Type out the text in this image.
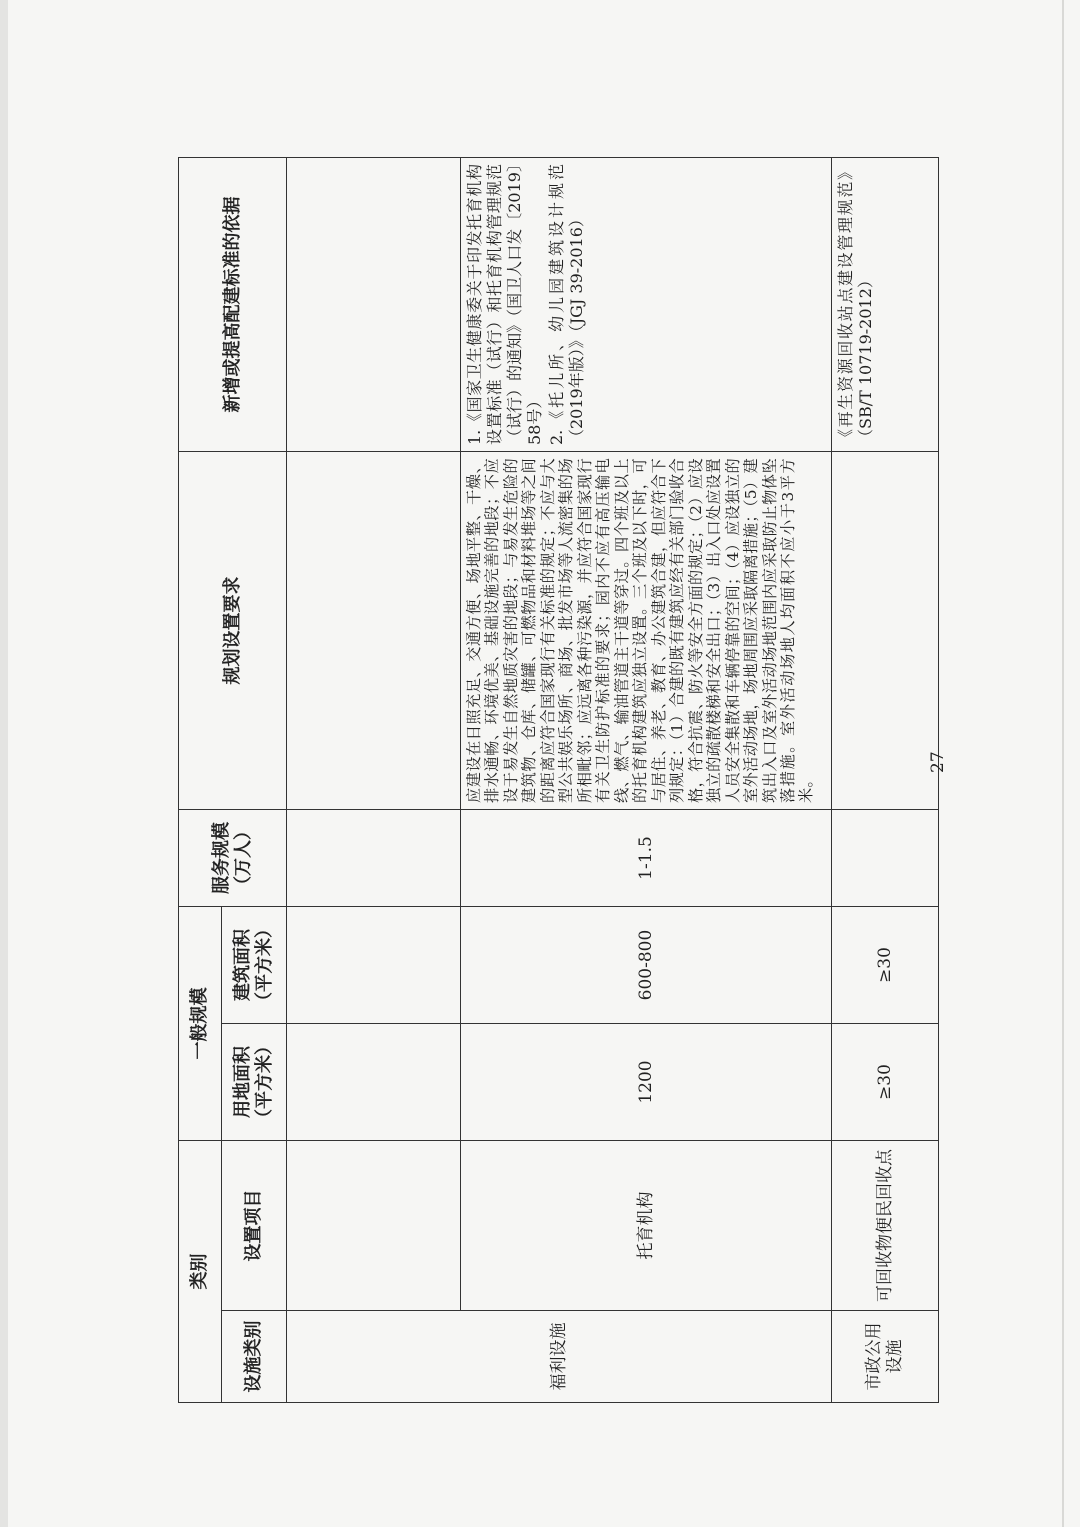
类别		一般规模		服务规模（万人）	规划设置要求	新增或提高配建标准的依据
设施类别	设置项目	用地面积（平方米）	建筑面积（平方米）			
福利设施						
	托育机构	1200	600-800	1-1.5	应建设在日照充足、交通方便、场地平整、干燥、排水通畅、环境优美、基础设施完善的地段；不应设于易发生自然地质灾害的地段；与易发生危险的建筑物、仓库、储罐、可燃物品和材料堆场等之间的距离应符合国家现行有关标准的规定；不应与大型公共娱乐场所、商场、批发市场等人流密集的场所相毗邻；应远离各种污染源，并应符合国家现行有关卫生防护标准的要求；园内不应有高压输电线、燃气、输油管道主干道等穿过。四个班及以上的托育机构建筑应独立设置。三个班及以下时，可与居住、养老、教育、办公建筑合建，但应符合下列规定：（1）合建的既有建筑应经有关部门验收合格，符合抗震、防火等安全方面的规定；（2）应设独立的疏散楼梯和安全出口；（3）出入口处应设置人员安全集散和车辆停靠的空间；（4）应设独立的室外活动场地，场地周围应采取隔离措施；（5）建筑出入口及室外活动场地范围内应采取防止物体坠落措施。室外活动场地人均面积不应小于3平方米。	1.《国家卫生健康委关于印发托育机构设置标准（试行）和托育机构管理规范（试行）的通知》（国卫人口发〔2019〕58号） 2.《托儿所、幼儿园建筑设计规范（2019年版）》（JGJ 39-2016）

市政公用设施	可回收物便民回收点	≥30	≥30			《再生资源回收站点建设管理规范》（SB/T 10719-2012）
27
